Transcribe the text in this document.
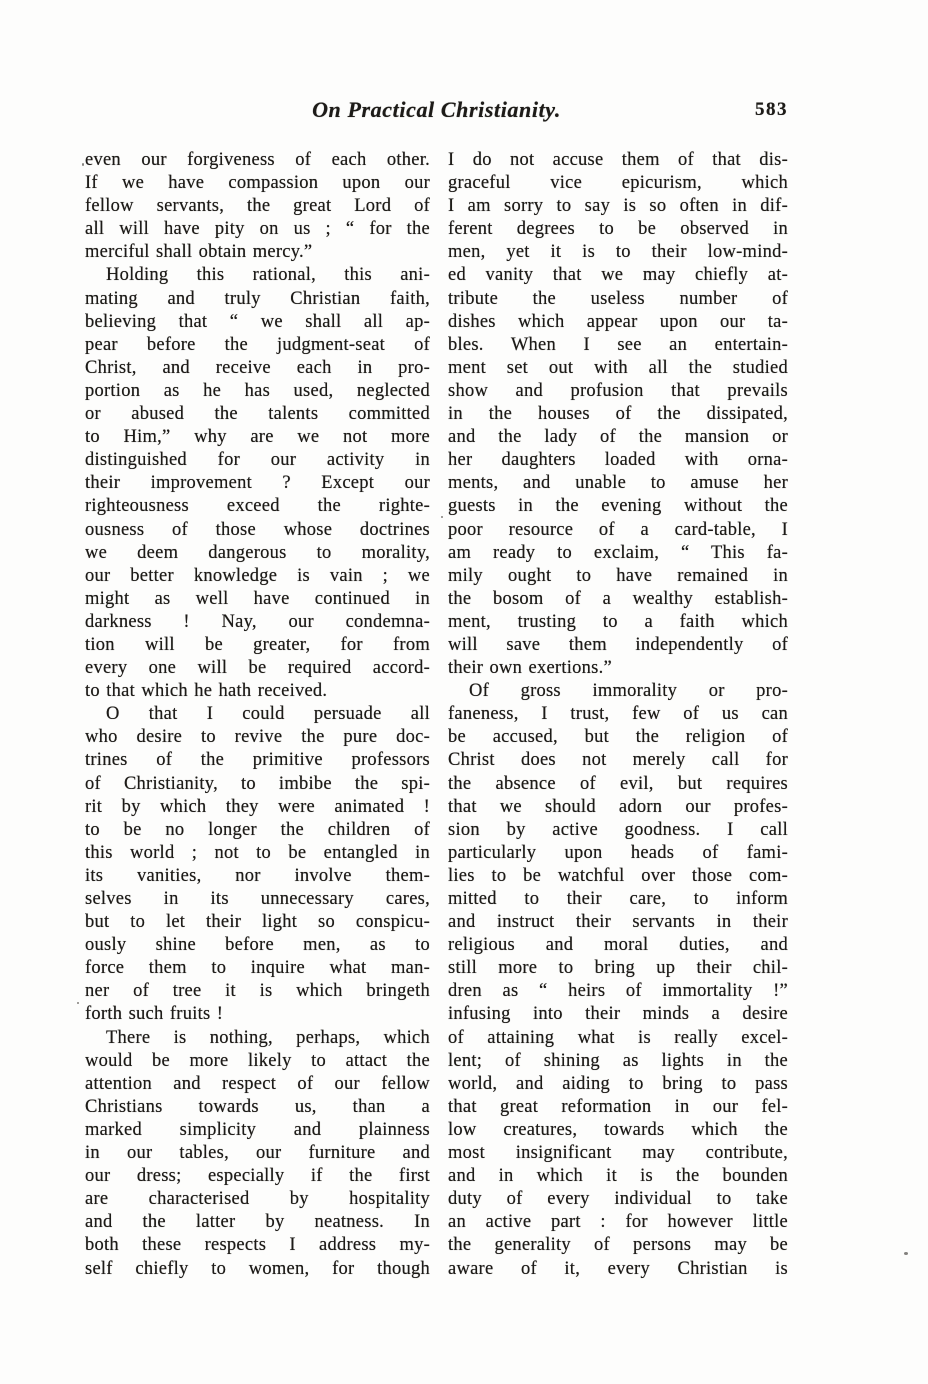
On Practical Christianity.	583
even our forgiveness of each other.
If we have compassion upon our
fellow servants, the great Lord of
all will have pity on us ; “ for the
merciful shall obtain mercy.”
Holding this rational, this ani-
mating and truly Christian faith,
believing that “ we shall all ap-
pear before the judgment-seat of
Christ, and receive each in pro-
portion as he has used, neglected
or abused the talents committed
to Him,” why are we not more
distinguished for our activity in
their improvement ? Except our
righteousness exceed the righte-
ousness of those whose doctrines
we deem dangerous to morality,
our better knowledge is vain ; we
might as well have continued in
darkness ! Nay, our condemna-
tion will be greater, for from
every one will be required accord-
to that which he hath received.
O that I could persuade all
who desire to revive the pure doc-
trines of the primitive professors
of Christianity, to imbibe the spi-
rit by which they were animated !
to be no longer the children of
this world ; not to be entangled in
its vanities, nor involve them-
selves in its unnecessary cares,
but to let their light so conspicu-
ously shine before men, as to
force them to inquire what man-
ner of tree it is which bringeth
forth such fruits !
There is nothing, perhaps, which
would be more likely to attact the
attention and respect of our fellow
Christians towards us, than a
marked simplicity and plainness
in our tables, our furniture and
our dress; especially if the first
are characterised by hospitality
and the latter by neatness. In
both these respects I address my-
self chiefly to women, for though
I do not accuse them of that dis-
graceful vice epicurism, which
I am sorry to say is so often in dif-
ferent degrees to be observed in
men, yet it is to their low-mind-
ed vanity that we may chiefly at-
tribute the useless number of
dishes which appear upon our ta-
bles. When I see an entertain-
ment set out with all the studied
show and profusion that prevails
in the houses of the dissipated,
and the lady of the mansion or
her daughters loaded with orna-
ments, and unable to amuse her
guests in the evening without the
poor resource of a card-table, I
am ready to exclaim, “ This fa-
mily ought to have remained in
the bosom of a wealthy establish-
ment, trusting to a faith which
will save them independently of
their own exertions.”
Of gross immorality or pro-
faneness, I trust, few of us can
be accused, but the religion of
Christ does not merely call for
the absence of evil, but requires
that we should adorn our profes-
sion by active goodness. I call
particularly upon heads of fami-
lies to be watchful over those com-
mitted to their care, to inform
and instruct their servants in their
religious and moral duties, and
still more to bring up their chil-
dren as “ heirs of immortality !”
infusing into their minds a desire
of attaining what is really excel-
lent; of shining as lights in the
world, and aiding to bring to pass
that great reformation in our fel-
low creatures, towards which the
most insignificant may contribute,
and in which it is the bounden
duty of every individual to take
an active part : for however little
the generality of persons may be
aware of it, every Christian is
